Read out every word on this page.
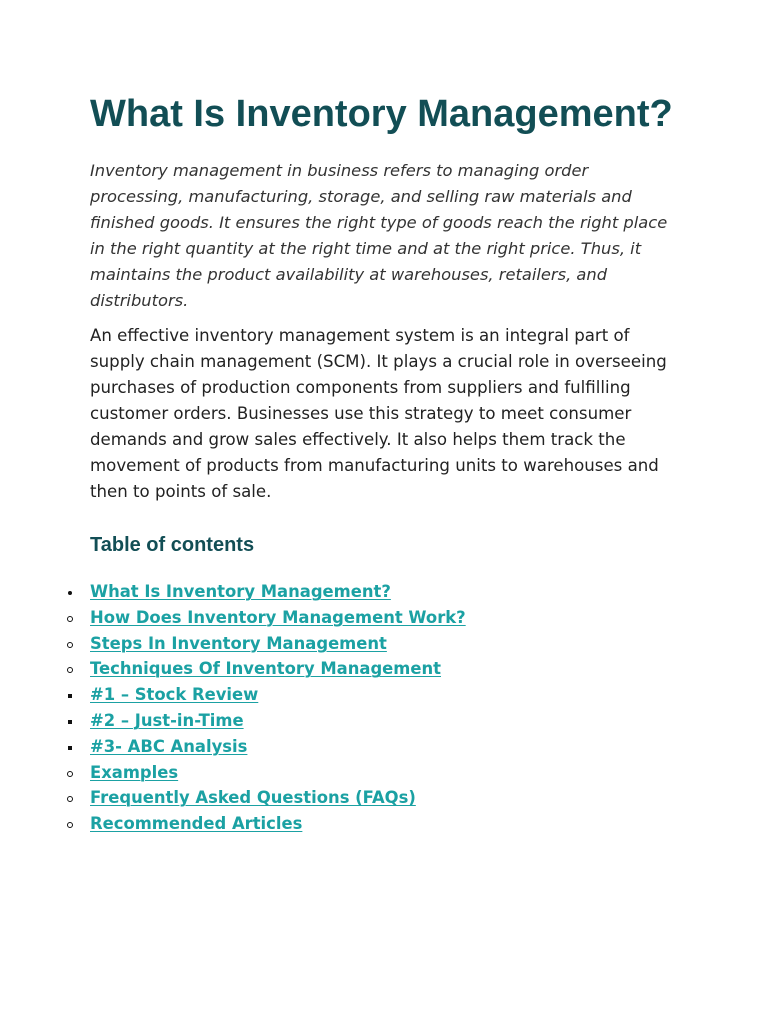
What Is Inventory Management?

Inventory management in business refers to managing order processing, manufacturing, storage, and selling raw materials and finished goods. It ensures the right type of goods reach the right place in the right quantity at the right time and at the right price. Thus, it maintains the product availability at warehouses, retailers, and distributors.

An effective inventory management system is an integral part of supply chain management (SCM). It plays a crucial role in overseeing purchases of production components from suppliers and fulfilling customer orders. Businesses use this strategy to meet consumer demands and grow sales effectively. It also helps them track the movement of products from manufacturing units to warehouses and then to points of sale.

Table of contents
What Is Inventory Management?
How Does Inventory Management Work?
Steps In Inventory Management
Techniques Of Inventory Management
#1 – Stock Review
#2 – Just-in-Time
#3- ABC Analysis
Examples
Frequently Asked Questions (FAQs)
Recommended Articles
